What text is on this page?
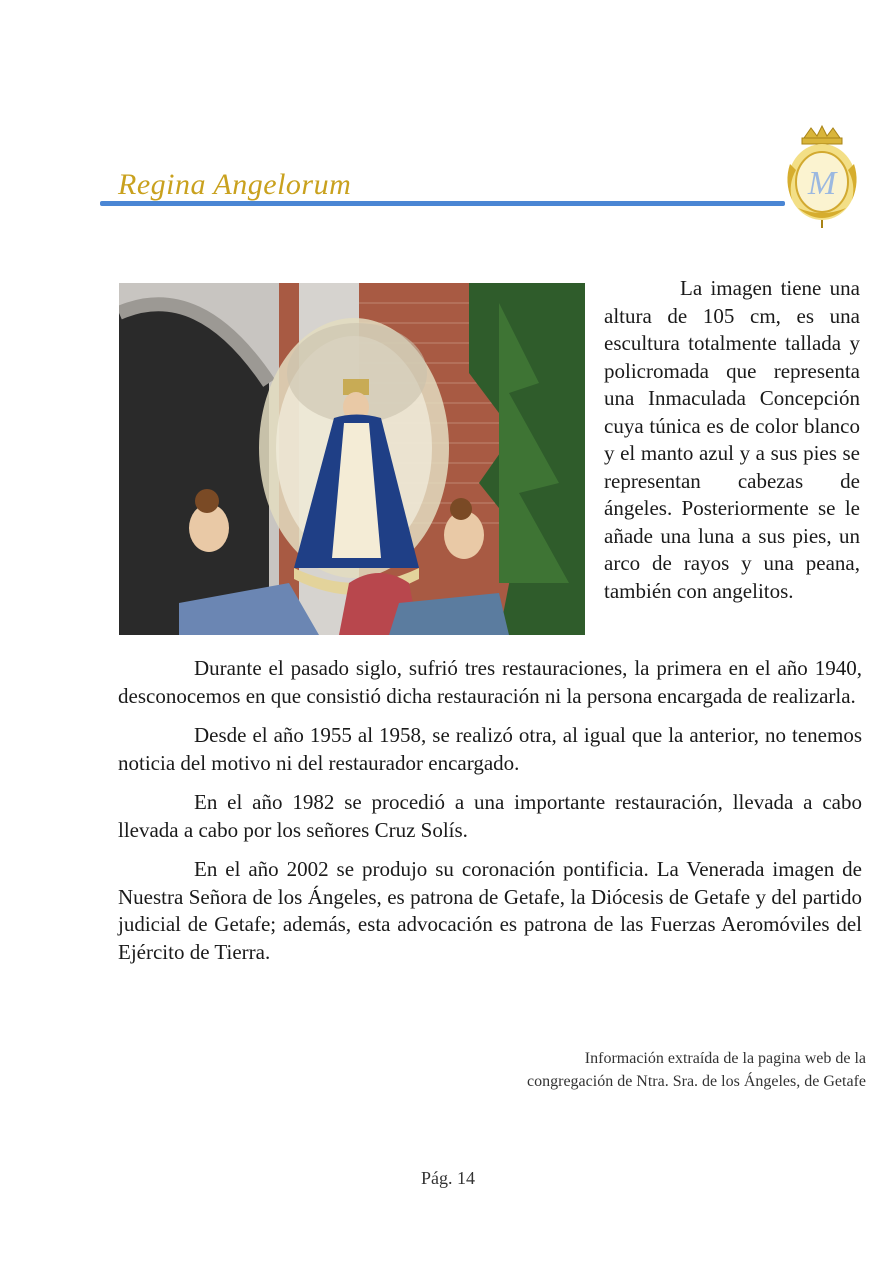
Regina Angelorum	M

La imagen tiene una altura de 105 cm, es una escultura totalmente tallada y policromada que representa una Inmaculada Concepción cuya túnica es de color blanco y el manto azul y a sus pies se representan cabezas de ángeles. Posteriormente se le añade una luna a sus pies, un arco de rayos y una peana, también con angelitos.

Durante el pasado siglo, sufrió tres restauraciones, la primera en el año 1940, desconocemos en que consistió dicha restauración ni la persona encargada de realizarla.

Desde el año 1955 al 1958, se realizó otra, al igual que la anterior, no tenemos noticia del motivo ni del restaurador encargado.

En el año 1982 se procedió a una importante restauración, llevada a cabo llevada a cabo por los señores Cruz Solís.

En el año 2002 se produjo su coronación pontificia. La Venerada imagen de Nuestra Señora de los Ángeles, es patrona de Getafe, la Diócesis de Getafe y del partido judicial de Getafe; además, esta advocación es patrona de las Fuerzas Aeromóviles del Ejército de Tierra.

Información extraída de la pagina web de la
congregación de Ntra. Sra. de los Ángeles, de Getafe
Pág. 14
